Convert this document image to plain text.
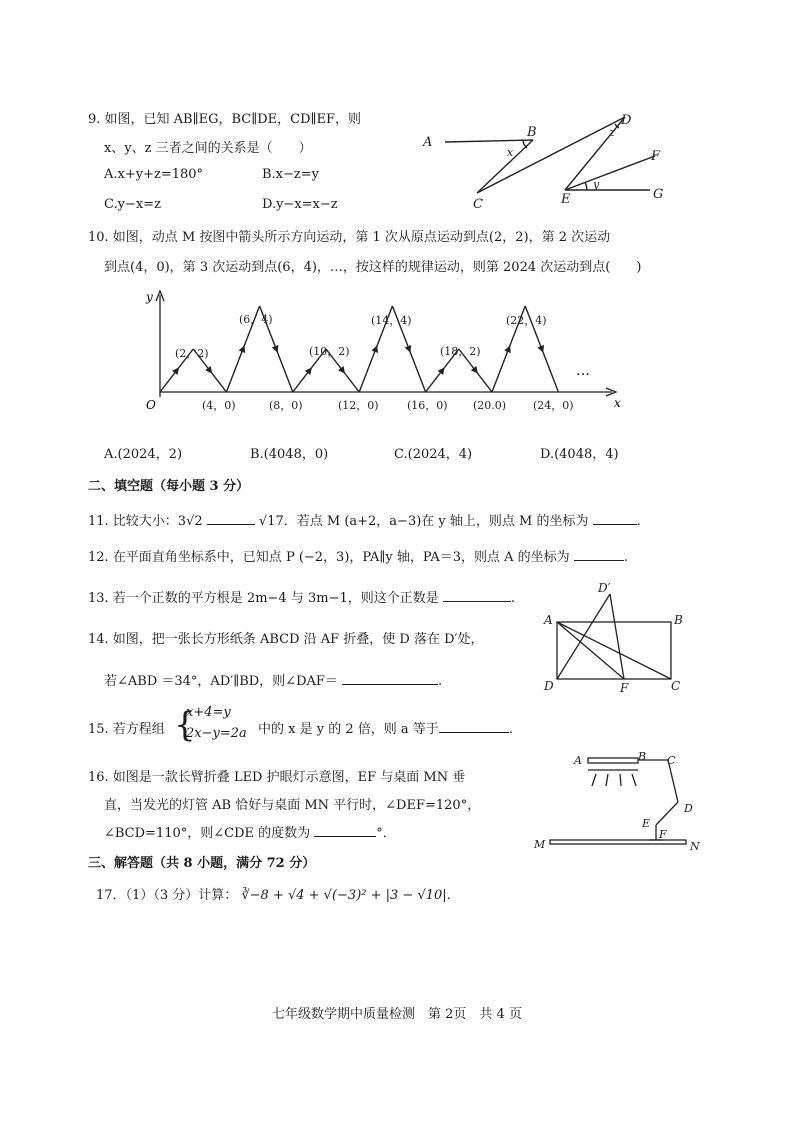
9. 如图，已知 AB∥EG，BC∥DE，CD∥EF，则
x、y、z 三者之间的关系是（　　）
A.x+y+z=180°	B.x−z=y
C.y−x=z	D.y−x=x−z
A
B
C
D
E
F
G
x
y
z
10. 如图，动点 M 按图中箭头所示方向运动，第 1 次从原点运动到点(2，2)，第 2 次运动
到点(4，0)，第 3 次运动到点(6，4)，…，按这样的规律运动，则第 2024 次运动到点(　　)
y
x
O
…
(2，2)
(6，4)
(10，2)
(14，4)
(18，2)
(22，4)
(4，0)	(8，0)	(12，0)	(16，0) (20.0) (24，0)
A.(2024，2)	B.(4048，0)	C.(2024，4)	D.(4048，4)
二、填空题（每小题 3 分）
11. 比较大小：3√2	√17．若点 M (a+2，a−3)在 y 轴上，则点 M 的坐标为	.
12. 在平面直角坐标系中，已知点 P (−2，3)，PA∥y 轴，PA＝3，则点 A 的坐标为	.
13. 若一个正数的平方根是 2m−4 与 3m−1，则这个正数是	.
D′
A	B
D	F	C
14. 如图，把一张长方形纸条 ABCD 沿 AF 折叠，使 D 落在 D′处，
若∠ABD ＝34°，AD′∥BD，则∠DAF＝	.
15. 若方程组 {
x+4=y
2x−y=2a 中的 x 是 y 的 2 倍，则 a 等于	.
A	B C
D
E
F
M	N
16. 如图是一款长臂折叠 LED 护眼灯示意图，EF 与桌面 MN 垂
直，当发光的灯管 AB 恰好与桌面 MN 平行时，∠DEF=120°，
∠BCD=110°，则∠CDE 的度数为	°．
三、解答题（共 8 小题，满分 72 分）
17．（1）（3 分）计算： ∛−8 + √4 + √(−3)² + |3 − √10|.
七年级数学期中质量检测　第 2页　共 4 页
